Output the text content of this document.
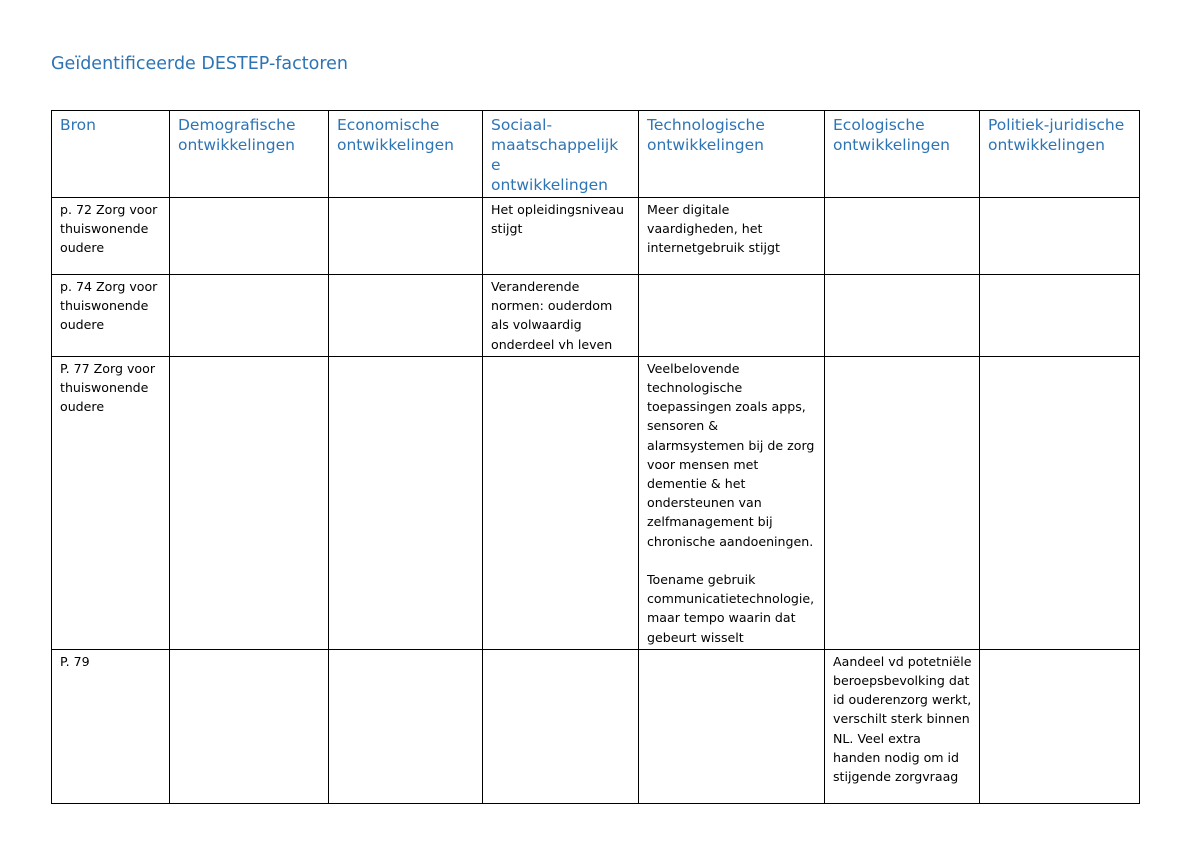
Geïdentificeerde DESTEP-factoren
Bron	Demografische ontwikkelingen	Economische ontwikkelingen	Sociaal-
maatschappelijk
e
ontwikkelingen	Technologische ontwikkelingen	Ecologische ontwikkelingen	Politiek-juridische ontwikkelingen
p. 72 Zorg voor thuiswonende oudere			Het opleidingsniveau stijgt	Meer digitale vaardigheden, het internetgebruik stijgt		
p. 74 Zorg voor thuiswonende oudere			Veranderende normen: ouderdom als volwaardig onderdeel vh leven			
P. 77 Zorg voor thuiswonende oudere				Veelbelovende technologische toepassingen zoals apps, sensoren & alarmsystemen bij de zorg voor mensen met dementie & het ondersteunen van zelfmanagement bij chronische aandoeningen.

Toename gebruik communicatietechnologie, maar tempo waarin dat gebeurt wisselt		
P. 79					Aandeel vd potetniële beroepsbevolking dat id ouderenzorg werkt, verschilt sterk binnen NL. Veel extra handen nodig om id stijgende zorgvraag	
